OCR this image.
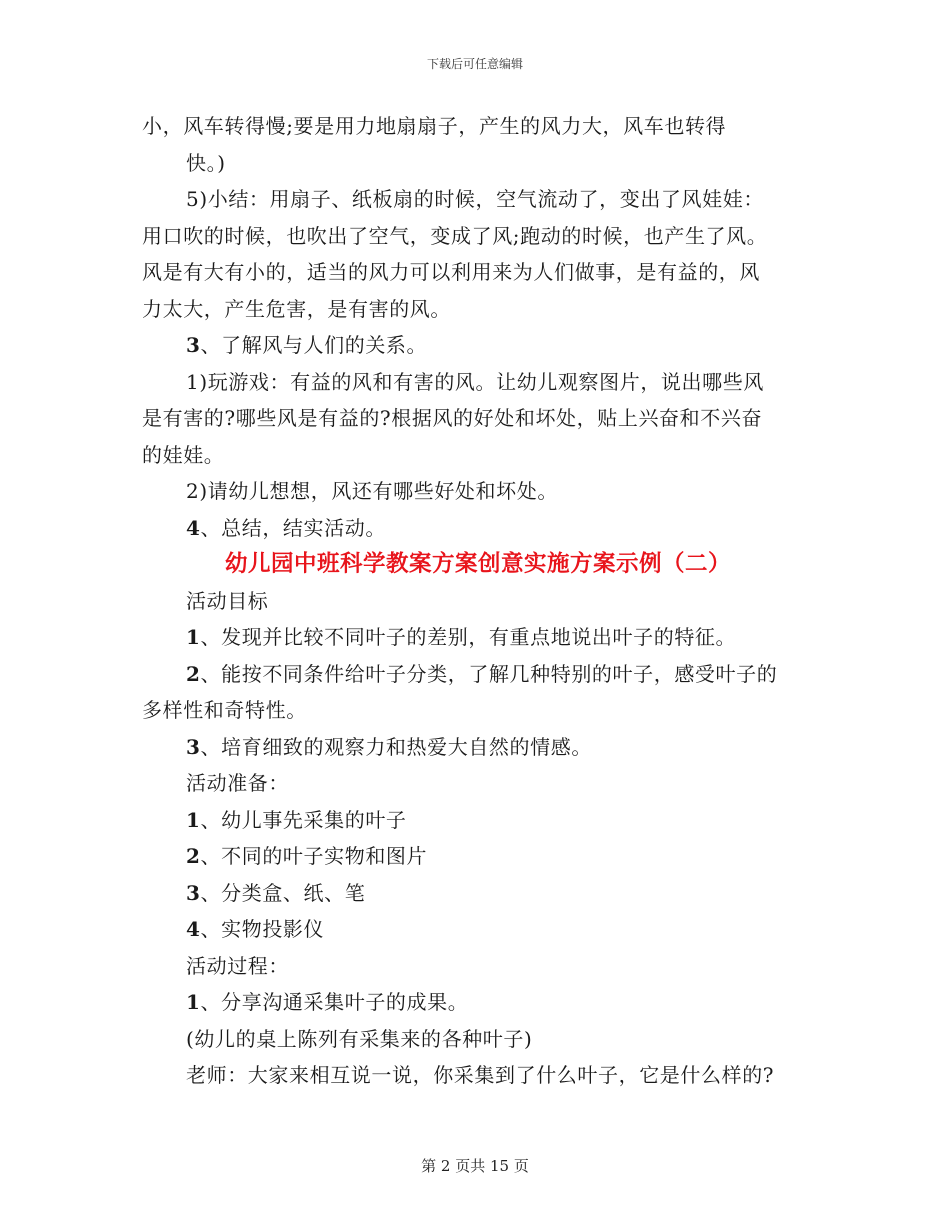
下载后可任意编辑

小，风车转得慢;要是用力地扇扇子，产生的风力大，风车也转得

快。)

5)小结：用扇子、纸板扇的时候，空气流动了，变出了风娃娃：

用口吹的时候，也吹出了空气，变成了风;跑动的时候，也产生了风。

风是有大有小的，适当的风力可以利用来为人们做事，是有益的，风

力太大，产生危害，是有害的风。

3、了解风与人们的关系。

1)玩游戏：有益的风和有害的风。让幼儿观察图片，说出哪些风

是有害的?哪些风是有益的?根据风的好处和坏处，贴上兴奋和不兴奋

的娃娃。

2)请幼儿想想，风还有哪些好处和坏处。

4、总结，结实活动。

幼儿园中班科学教案方案创意实施方案示例（二）

活动目标

1、发现并比较不同叶子的差别，有重点地说出叶子的特征。

2、能按不同条件给叶子分类，了解几种特别的叶子，感受叶子的

多样性和奇特性。

3、培育细致的观察力和热爱大自然的情感。

活动准备：

1、幼儿事先采集的叶子

2、不同的叶子实物和图片

3、分类盒、纸、笔

4、实物投影仪

活动过程：

1、分享沟通采集叶子的成果。

(幼儿的桌上陈列有采集来的各种叶子)

老师：大家来相互说一说，你采集到了什么叶子，它是什么样的?

第 2 页共 15 页
